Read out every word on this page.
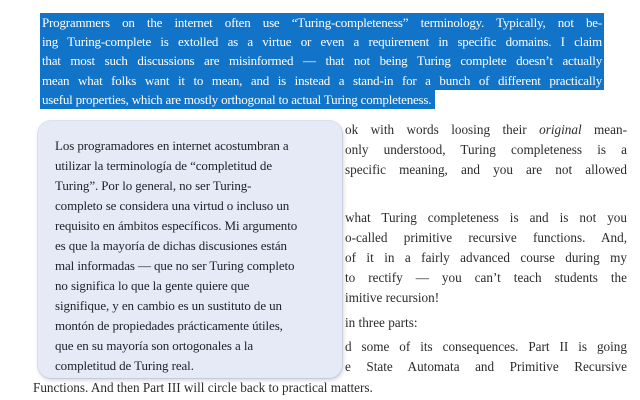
ok with words loosing their original mean-
only understood, Turing completeness is a
specific meaning, and you are not allowed
what Turing completeness is and is not you
o-called primitive recursive functions. And,
of it in a fairly advanced course during my
to rectify — you can’t teach students the
imitive recursion!
in three parts:
d some of its consequences. Part II is going
e State Automata and Primitive Recursive
Functions. And then Part III will circle back to practical matters.
Programmers on the internet often use “Turing-completeness” terminology. Typically, not be-
ing Turing-complete is extolled as a virtue or even a requirement in specific domains. I claim
that most such discussions are misinformed — that not being Turing complete doesn’t actually
mean what folks want it to mean, and is instead a stand-in for a bunch of different practically
useful properties, which are mostly orthogonal to actual Turing completeness.
Los programadores en internet acostumbran a
utilizar la terminología de “completitud de
Turing”. Por lo general, no ser Turing-
completo se considera una virtud o incluso un
requisito en ámbitos específicos. Mi argumento
es que la mayoría de dichas discusiones están
mal informadas — que no ser Turing completo
no significa lo que la gente quiere que
signifique, y en cambio es un sustituto de un
montón de propiedades prácticamente útiles,
que en su mayoría son ortogonales a la
completitud de Turing real.
